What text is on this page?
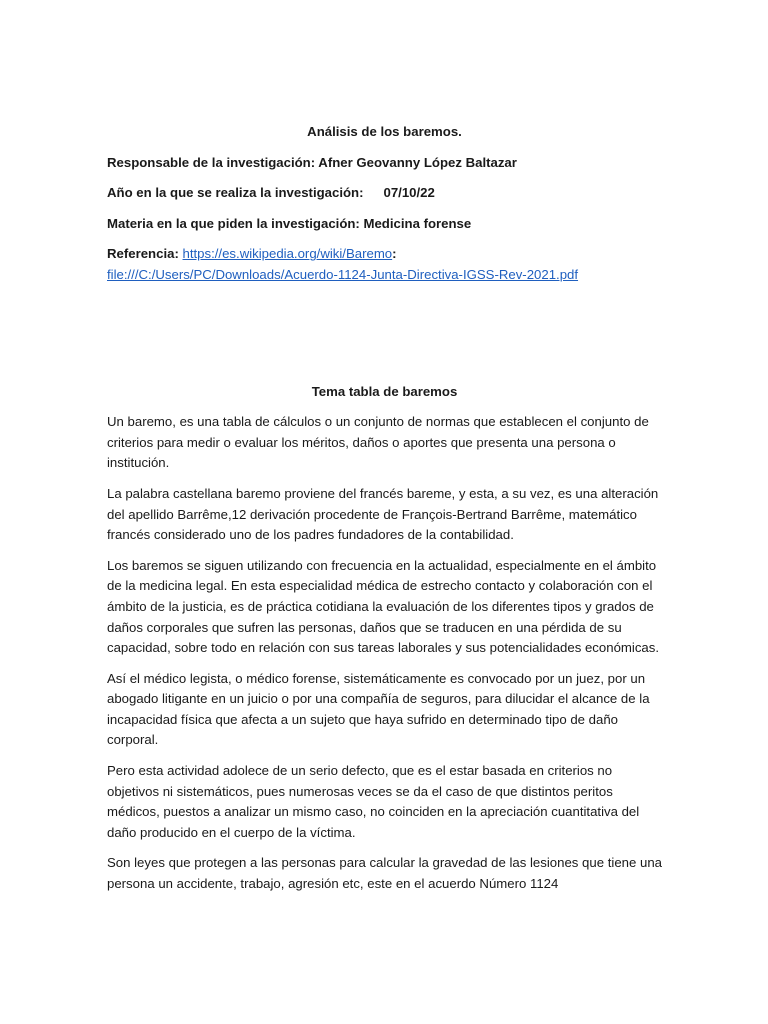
Análisis de los baremos.

Responsable de la investigación: Afner Geovanny López Baltazar

Año en la que se realiza la investigación: 07/10/22

Materia en la que piden la investigación: Medicina forense

Referencia: https://es.wikipedia.org/wiki/Baremo:
file:///C:/Users/PC/Downloads/Acuerdo-1124-Junta-Directiva-IGSS-Rev-2021.pdf

Tema tabla de baremos

Un baremo, es una tabla de cálculos o un conjunto de normas que establecen el conjunto de criterios para medir o evaluar los méritos, daños o aportes que presenta una persona o institución.

La palabra castellana baremo proviene del francés bareme, y esta, a su vez, es una alteración del apellido Barrême,12 derivación procedente de François-Bertrand Barrême, matemático francés considerado uno de los padres fundadores de la contabilidad.

Los baremos se siguen utilizando con frecuencia en la actualidad, especialmente en el ámbito de la medicina legal. En esta especialidad médica de estrecho contacto y colaboración con el ámbito de la justicia, es de práctica cotidiana la evaluación de los diferentes tipos y grados de daños corporales que sufren las personas, daños que se traducen en una pérdida de su capacidad, sobre todo en relación con sus tareas laborales y sus potencialidades económicas.

Así el médico legista, o médico forense, sistemáticamente es convocado por un juez, por un abogado litigante en un juicio o por una compañía de seguros, para dilucidar el alcance de la incapacidad física que afecta a un sujeto que haya sufrido en determinado tipo de daño corporal.

Pero esta actividad adolece de un serio defecto, que es el estar basada en criterios no objetivos ni sistemáticos, pues numerosas veces se da el caso de que distintos peritos médicos, puestos a analizar un mismo caso, no coinciden en la apreciación cuantitativa del daño producido en el cuerpo de la víctima.

Son leyes que protegen a las personas para calcular la gravedad de las lesiones que tiene una persona un accidente, trabajo, agresión etc, este en el acuerdo Número 1124
